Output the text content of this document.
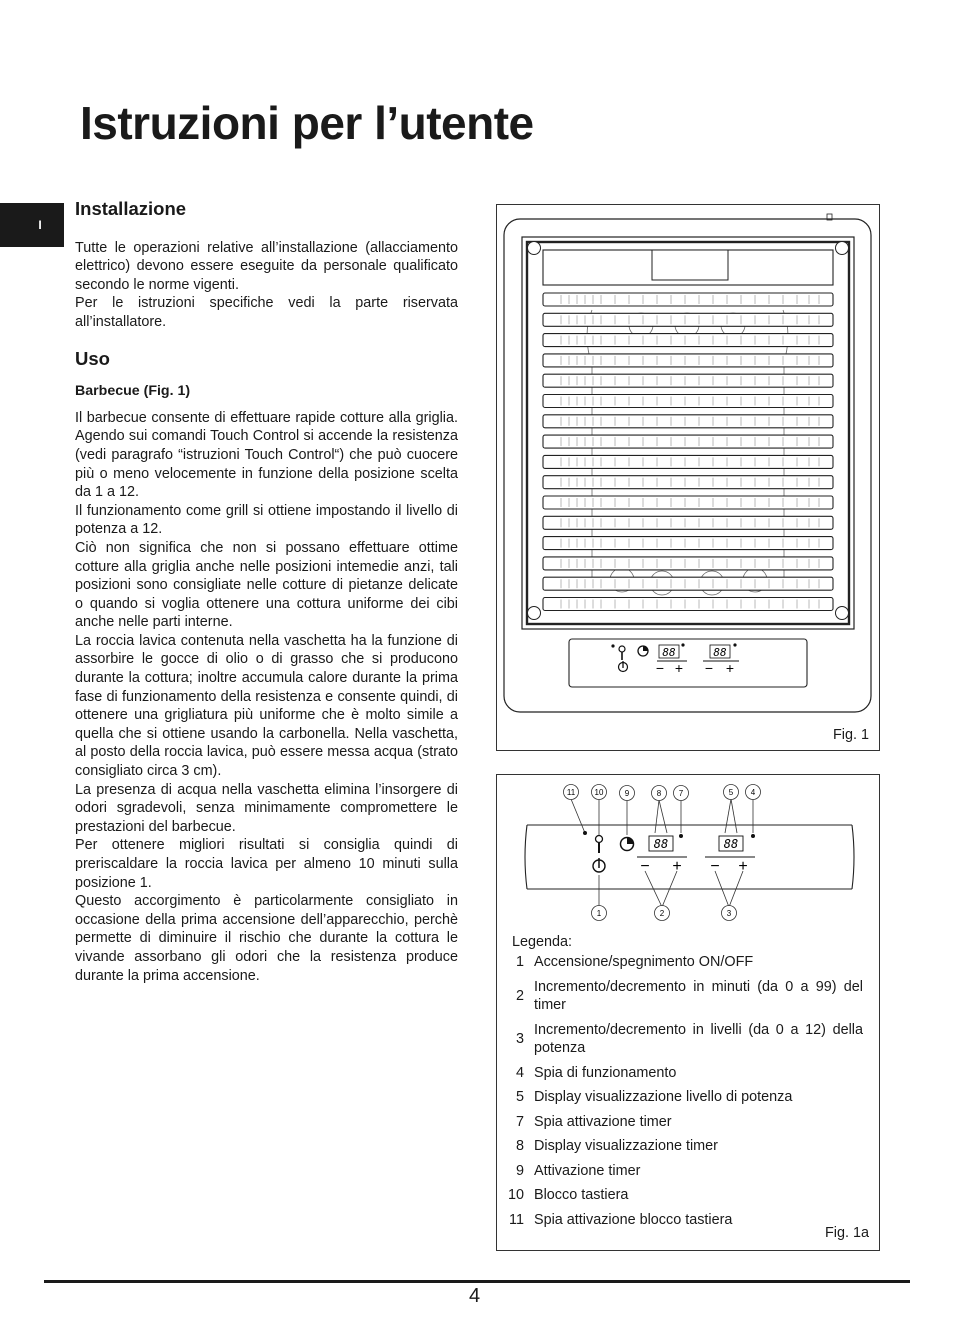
Istruzioni per l’utente
I
Installazione

Tutte le operazioni relative all’installazione (allacciamento elettrico) devono essere eseguite da personale qualificato secondo le norme vigenti.

Per le istruzioni specifiche vedi la parte riservata all’installatore.

Uso
Barbecue (Fig. 1)

Il barbecue consente di effettuare rapide cotture alla griglia. Agendo sui comandi Touch Control si accende la resistenza (vedi paragrafo “istruzioni Touch Control“) che può cuocere più o meno velocemente in funzione della posizione scelta da 1 a 12.

Il funzionamento come grill si ottiene impostando il livello di potenza a 12.

Ciò non significa che non si possano effettuare ottime cotture alla griglia anche nelle posizioni intemedie anzi, tali posizioni sono consigliate nelle cotture di pietanze delicate o quando si voglia ottenere una cottura uniforme dei cibi anche nelle parti interne.

La roccia lavica contenuta nella vaschetta ha la funzione di assorbire le gocce di olio o di grasso che si producono durante la cottura; inoltre accumula calore durante la prima fase di funzionamento della resistenza e consente quindi, di ottenere una grigliatura più uniforme che è molto simile a quella che si ottiene usando la carbonella. Nella vaschetta, al posto della roccia lavica, può essere messa acqua (strato consigliato circa 3 cm).

La presenza di acqua nella vaschetta elimina l’insorgere di odori sgradevoli, senza minimamente compromettere le prestazioni del barbecue.

Per ottenere migliori risultati si consiglia quindi di preriscaldare la roccia lavica per almeno 10 minuti sulla posizione 1.

Questo accorgimento è particolarmente consigliato in occasione della prima accensione dell’apparecchio, perchè permette di diminuire il rischio che durante la cottura le vivande assorbano gli odori che la resistenza produce durante la prima accensione.

88
− +
88
− +
Fig. 1
11 10	9	8 7	5 4
1	2	3
88
− +
88
− +
Legenda:
1 Accensione/spegnimento ON/OFF
2
Incremento/decremento in minuti (da 0 a 99) del timer
3
Incremento/decremento in livelli (da 0 a 12) della potenza
4 Spia di funzionamento
5 Display visualizzazione livello di potenza
7 Spia attivazione timer
8 Display visualizzazione timer
9 Attivazione timer
10 Blocco tastiera
11 Spia attivazione blocco tastiera
Fig. 1a
4
